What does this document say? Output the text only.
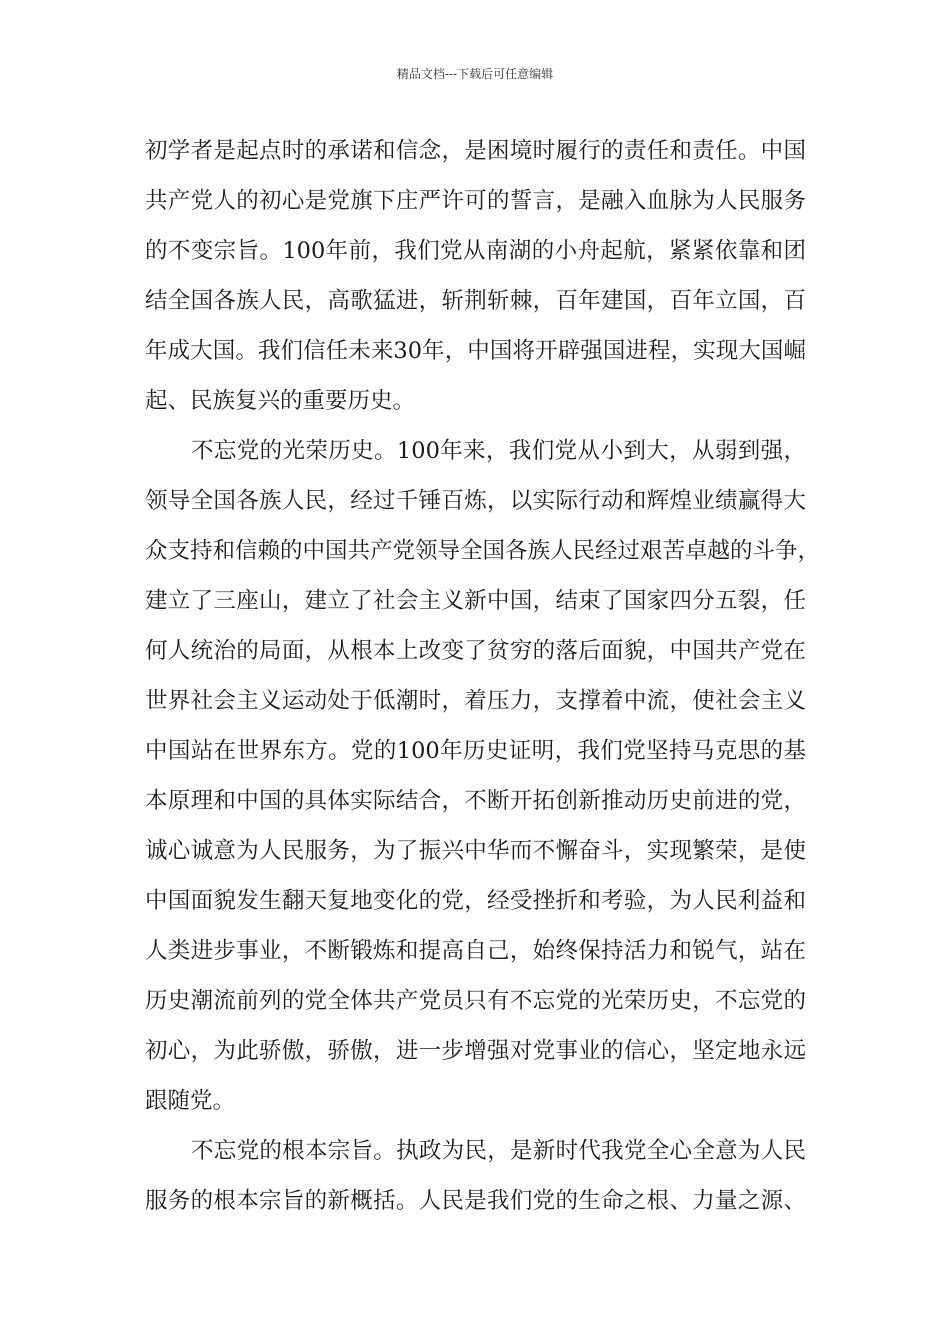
精品文档---下载后可任意编辑
初学者是起点时的承诺和信念，是困境时履行的责任和责任。中国
共产党人的初心是党旗下庄严许可的誓言，是融入血脉为人民服务
的不变宗旨。100年前，我们党从南湖的小舟起航，紧紧依靠和团
结全国各族人民，高歌猛进，斩荆斩棘，百年建国，百年立国，百
年成大国。我们信任未来30年，中国将开辟强国进程，实现大国崛
起、民族复兴的重要历史。
不忘党的光荣历史。100年来，我们党从小到大，从弱到强，
领导全国各族人民，经过千锤百炼，以实际行动和辉煌业绩赢得大
众支持和信赖的中国共产党领导全国各族人民经过艰苦卓越的斗争，
建立了三座山，建立了社会主义新中国，结束了国家四分五裂，任
何人统治的局面，从根本上改变了贫穷的落后面貌，中国共产党在
世界社会主义运动处于低潮时，着压力，支撑着中流，使社会主义
中国站在世界东方。党的100年历史证明，我们党坚持马克思的基
本原理和中国的具体实际结合，不断开拓创新推动历史前进的党，
诚心诚意为人民服务，为了振兴中华而不懈奋斗，实现繁荣，是使
中国面貌发生翻天复地变化的党，经受挫折和考验，为人民利益和
人类进步事业，不断锻炼和提高自己，始终保持活力和锐气，站在
历史潮流前列的党全体共产党员只有不忘党的光荣历史，不忘党的
初心，为此骄傲，骄傲，进一步增强对党事业的信心，坚定地永远
跟随党。
不忘党的根本宗旨。执政为民，是新时代我党全心全意为人民
服务的根本宗旨的新概括。人民是我们党的生命之根、力量之源、
